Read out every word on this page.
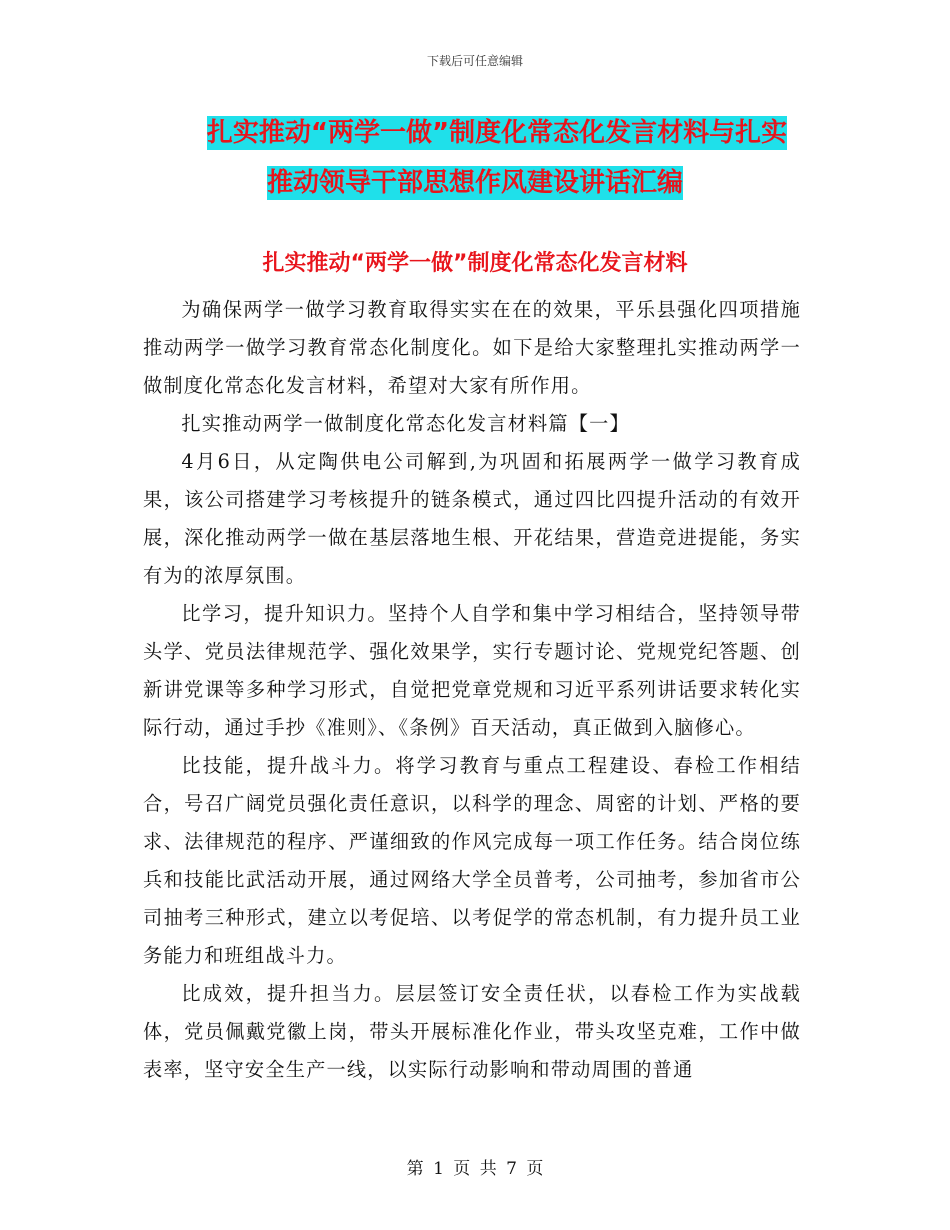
下载后可任意编辑
扎实推动“两学一做”制度化常态化发言材料与扎实
推动领导干部思想作风建设讲话汇编
扎实推动“两学一做”制度化常态化发言材料

为确保两学一做学习教育取得实实在在的效果，平乐县强化四项措施推动两学一做学习教育常态化制度化。如下是给大家整理扎实推动两学一做制度化常态化发言材料，希望对大家有所作用。

扎实推动两学一做制度化常态化发言材料篇【一】

4月6日，从定陶供电公司解到,为巩固和拓展两学一做学习教育成果，该公司搭建学习考核提升的链条模式，通过四比四提升活动的有效开展，深化推动两学一做在基层落地生根、开花结果，营造竞进提能，务实有为的浓厚氛围。

比学习，提升知识力。坚持个人自学和集中学习相结合，坚持领导带头学、党员法律规范学、强化效果学，实行专题讨论、党规党纪答题、创新讲党课等多种学习形式，自觉把党章党规和习近平系列讲话要求转化实际行动，通过手抄《准则》、《条例》百天活动，真正做到入脑修心。

比技能，提升战斗力。将学习教育与重点工程建设、春检工作相结合，号召广阔党员强化责任意识，以科学的理念、周密的计划、严格的要求、法律规范的程序、严谨细致的作风完成每一项工作任务。结合岗位练兵和技能比武活动开展，通过网络大学全员普考，公司抽考，参加省市公司抽考三种形式，建立以考促培、以考促学的常态机制，有力提升员工业务能力和班组战斗力。

比成效，提升担当力。层层签订安全责任状，以春检工作为实战载体，党员佩戴党徽上岗，带头开展标准化作业，带头攻坚克难，工作中做表率，坚守安全生产一线，以实际行动影响和带动周围的普通

第 1 页 共 7 页
